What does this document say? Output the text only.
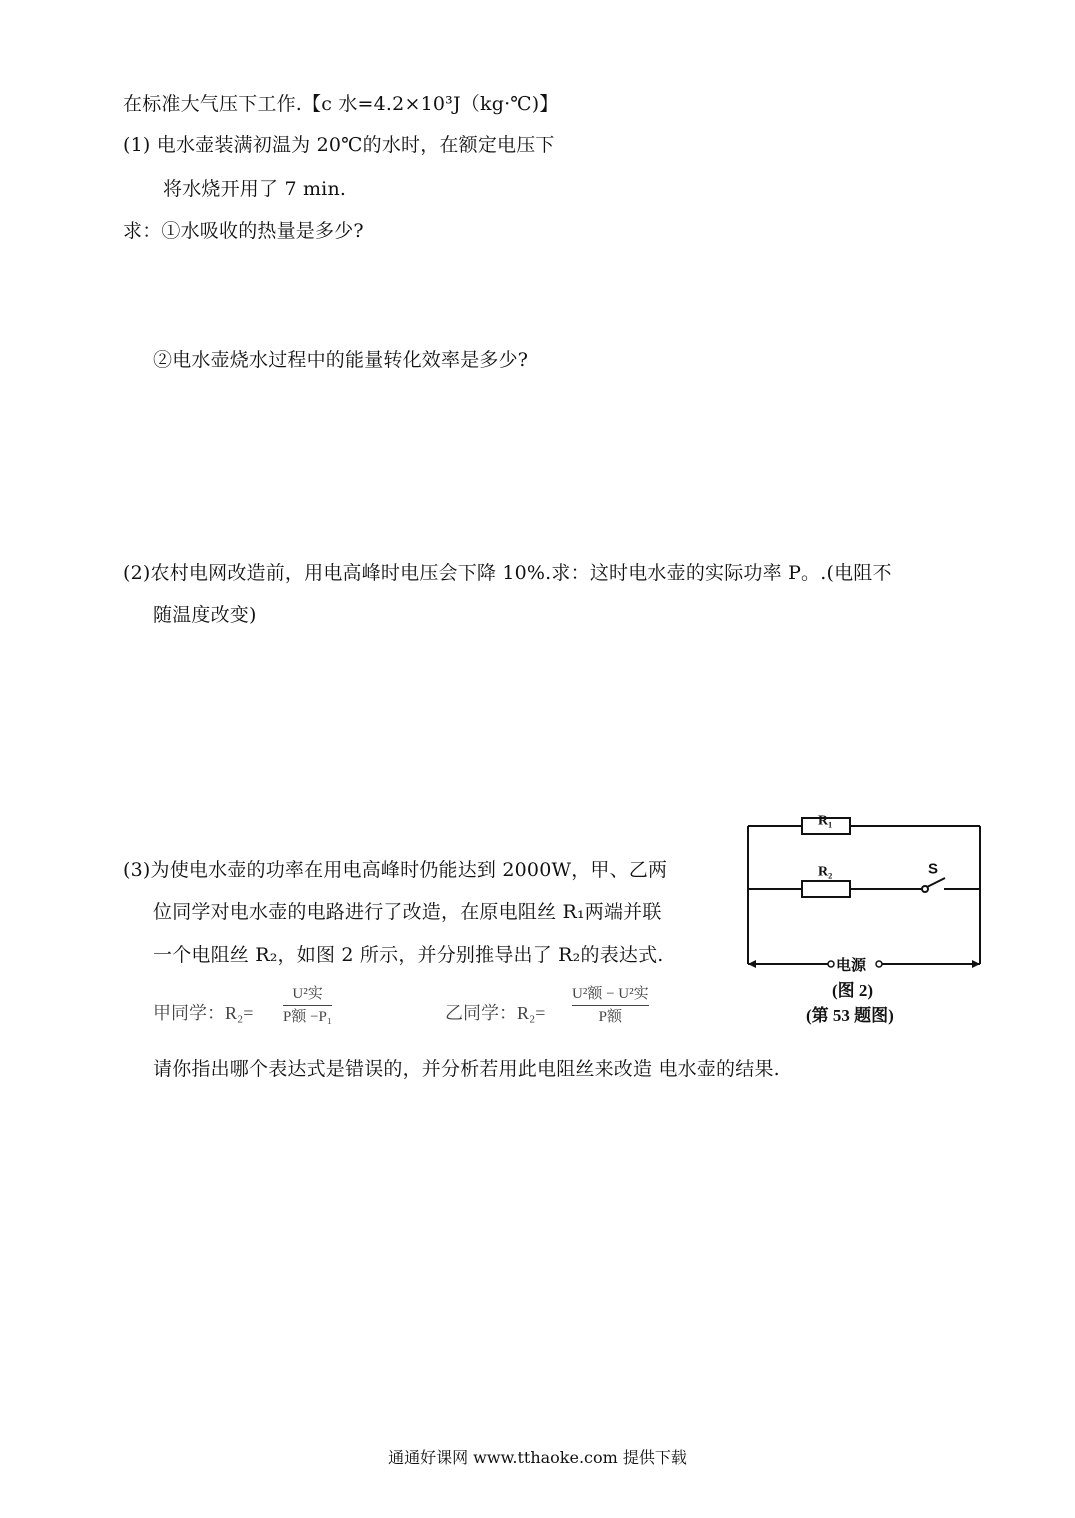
在标准大气压下工作.【c 水=4.2×10³J（kg·℃)】
(1) 电水壶装满初温为 20℃的水时，在额定电压下
将水烧开用了 7 min.
求：①水吸收的热量是多少?
②电水壶烧水过程中的能量转化效率是多少?
(2)农村电网改造前，用电高峰时电压会下降 10%.求：这时电水壶的实际功率 P。.(电阻不
随温度改变)
(3)为使电水壶的功率在用电高峰时仍能达到 2000W，甲、乙两
位同学对电水壶的电路进行了改造，在原电阻丝 R₁两端并联
一个电阻丝 R₂，如图 2 所示，并分别推导出了 R₂的表达式.
甲同学：R₂=
U²实
P额 −P₁	乙同学：R₂=
U²额 − U²实
P额
请你指出哪个表达式是错误的，并分析若用此电阻丝来改造 电水壶的结果.
R₁
R₂	S
电源
(图 2)
(第 53 题图)
通通好课网 www.tthaoke.com 提供下载
